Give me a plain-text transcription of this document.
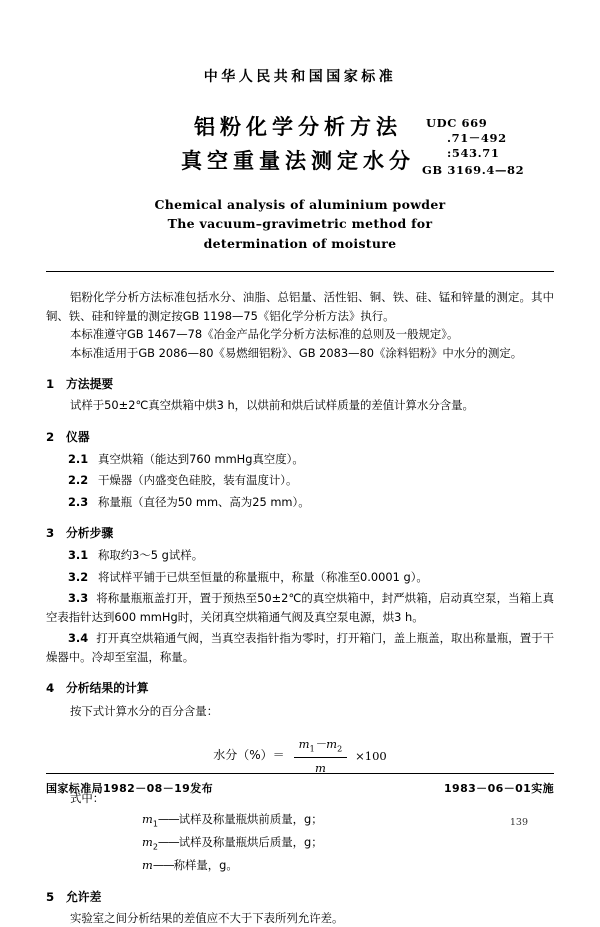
中华人民共和国国家标准
UDC 669
.71－492
:543.71
GB 3169.4—82
铝粉化学分析方法
真空重量法测定水分
Chemical analysis of aluminium powder
The vacuum–gravimetric method for
determination of moisture

铝粉化学分析方法标准包括水分、油脂、总铝量、活性铝、铜、铁、硅、锰和锌量的测定。其中铜、铁、硅和锌量的测定按GB 1198—75《铝化学分析方法》执行。

本标准遵守GB 1467—78《冶金产品化学分析方法标准的总则及一般规定》。

本标准适用于GB 2086—80《易燃细铝粉》、GB 2083—80《涂料铝粉》中水分的测定。

1 方法提要

试样于50±2℃真空烘箱中烘3 h，以烘前和烘后试样质量的差值计算水分含量。

2 仪器
2.1 真空烘箱（能达到760 mmHg真空度）。
2.2 干燥器（内盛变色硅胶，装有温度计）。
2.3 称量瓶（直径为50 mm、高为25 mm）。
3 分析步骤
3.1 称取约3～5 g试样。
3.2 将试样平铺于已烘至恒量的称量瓶中，称量（称准至0.0001 g）。
3.3 将称量瓶瓶盖打开，置于预热至50±2℃的真空烘箱中，封严烘箱，启动真空泵，当箱上真空表指针达到600 mmHg时，关闭真空烘箱通气阀及真空泵电源，烘3 h。
3.4 打开真空烘箱通气阀，当真空表指针指为零时，打开箱门，盖上瓶盖，取出称量瓶，置于干燥器中。冷却至室温，称量。
4 分析结果的计算

按下式计算水分的百分含量：

水分（%）＝ $\frac{m_1-m_2}{m} \times 100$

式中：

$m_1——$试样及称量瓶烘前质量，g；
$m_2——$试样及称量瓶烘后质量，g；
m——称样量，g。
5 允许差

实验室之间分析结果的差值应不大于下表所列允许差。

国家标准局1982－08－19发布	1983－06－01实施
139
